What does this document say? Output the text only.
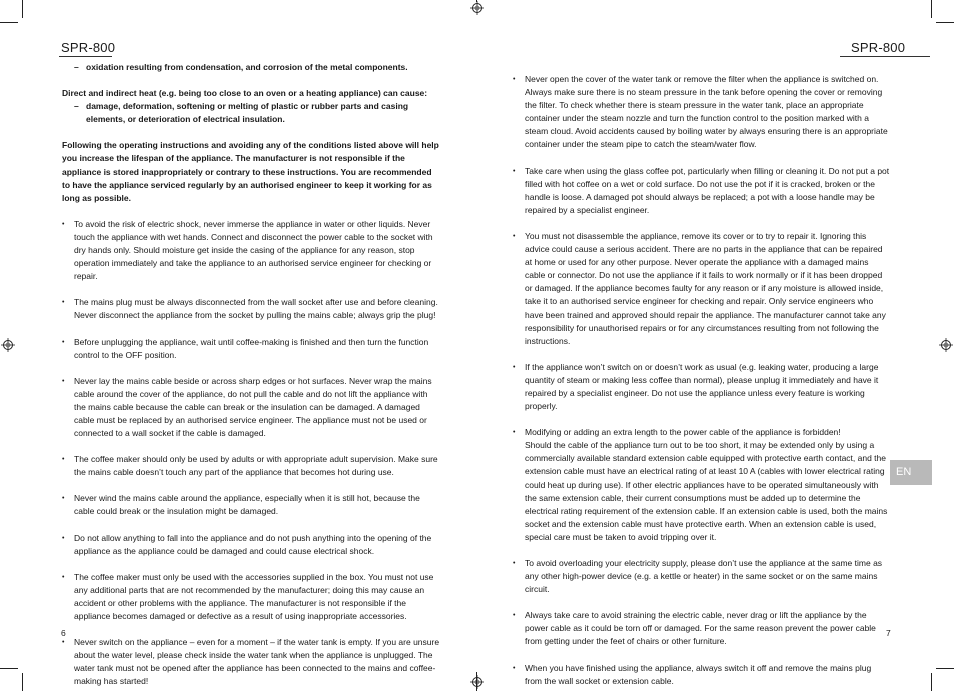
SPR-800

– oxidation resulting from condensation, and corrosion of the metal components.

Direct and indirect heat (e.g. being too close to an oven or a heating appliance) can cause:

– damage, deformation, softening or melting of plastic or rubber parts and casing elements, or deterioration of electrical insulation.

Following the operating instructions and avoiding any of the conditions listed above will help you increase the lifespan of the appliance. The manufacturer is not responsible if the appliance is stored inappropriately or contrary to these instructions. You are recommended to have the appliance serviced regularly by an authorised engineer to keep it working for as long as possible.

• To avoid the risk of electric shock, never immerse the appliance in water or other liquids. Never touch the appliance with wet hands. Connect and disconnect the power cable to the socket with dry hands only. Should moisture get inside the casing of the appliance for any reason, stop operation immediately and take the appliance to an authorised service engineer for checking or repair.

• The mains plug must be always disconnected from the wall socket after use and before cleaning. Never disconnect the appliance from the socket by pulling the mains cable; always grip the plug!

• Before unplugging the appliance, wait until coffee-making is finished and then turn the function control to the OFF position.

• Never lay the mains cable beside or across sharp edges or hot surfaces. Never wrap the mains cable around the cover of the appliance, do not pull the cable and do not lift the appliance with the mains cable because the cable can break or the insulation can be damaged. A damaged cable must be replaced by an authorised service engineer. The appliance must not be used or connected to a wall socket if the cable is damaged.

• The coffee maker should only be used by adults or with appropriate adult supervision. Make sure the mains cable doesn’t touch any part of the appliance that becomes hot during use.

• Never wind the mains cable around the appliance, especially when it is still hot, because the cable could break or the insulation might be damaged.

• Do not allow anything to fall into the appliance and do not push anything into the opening of the appliance as the appliance could be damaged and could cause electrical shock.

• The coffee maker must only be used with the accessories supplied in the box. You must not use any additional parts that are not recommended by the manufacturer; doing this may cause an accident or other problems with the appliance. The manufacturer is not responsible if the appliance becomes damaged or defective as a result of using inappropriate accessories.

• Never switch on the appliance – even for a moment – if the water tank is empty. If you are unsure about the water level, please check inside the water tank when the appliance is unplugged. The water tank must not be opened after the appliance has been connected to the mains and coffee-making has started!

6
SPR-800

• Never open the cover of the water tank or remove the filter when the appliance is switched on. Always make sure there is no steam pressure in the tank before opening the cover or removing the filter. To check whether there is steam pressure in the water tank, place an appropriate container under the steam nozzle and turn the function control to the position marked with a steam cloud. Avoid accidents caused by boiling water by always ensuring there is an appropriate container under the steam pipe to catch the steam/water flow.

• Take care when using the glass coffee pot, particularly when filling or cleaning it. Do not put a pot filled with hot coffee on a wet or cold surface. Do not use the pot if it is cracked, broken or the handle is loose. A damaged pot should always be replaced; a pot with a loose handle may be repaired by a specialist engineer.

• You must not disassemble the appliance, remove its cover or to try to repair it. Ignoring this advice could cause a serious accident. There are no parts in the appliance that can be repaired at home or used for any other purpose. Never operate the appliance with a damaged mains cable or connector. Do not use the appliance if it fails to work normally or if it has been dropped or damaged. If the appliance becomes faulty for any reason or if any moisture is allowed inside, take it to an authorised service engineer for checking and repair. Only service engineers who have been trained and approved should repair the appliance. The manufacturer cannot take any responsibility for unauthorised repairs or for any circumstances resulting from not following the instructions.

• If the appliance won’t switch on or doesn’t work as usual (e.g. leaking water, producing a large quantity of steam or making less coffee than normal), please unplug it immediately and have it repaired by a specialist engineer. Do not use the appliance unless every feature is working properly.

• Modifying or adding an extra length to the power cable of the appliance is forbidden!
Should the cable of the appliance turn out to be too short, it may be extended only by using a commercially available standard extension cable equipped with protective earth contact, and the extension cable must have an electrical rating of at least 10 A (cables with lower electrical rating could heat up during use). If other electric appliances have to be operated simultaneously with the same extension cable, their current consumptions must be added up to determine the electrical rating requirement of the extension cable. If an extension cable is used, both the mains socket and the extension cable must have protective earth. When an extension cable is used, special care must be taken to avoid tripping over it.

• To avoid overloading your electricity supply, please don’t use the appliance at the same time as any other high-power device (e.g. a kettle or heater) in the same socket or on the same mains circuit.

• Always take care to avoid straining the electric cable, never drag or lift the appliance by the power cable as it could be torn off or damaged. For the same reason prevent the power cable from getting under the feet of chairs or other furniture.

• When you have finished using the appliance, always switch it off and remove the mains plug from the wall socket or extension cable.

EN
7
